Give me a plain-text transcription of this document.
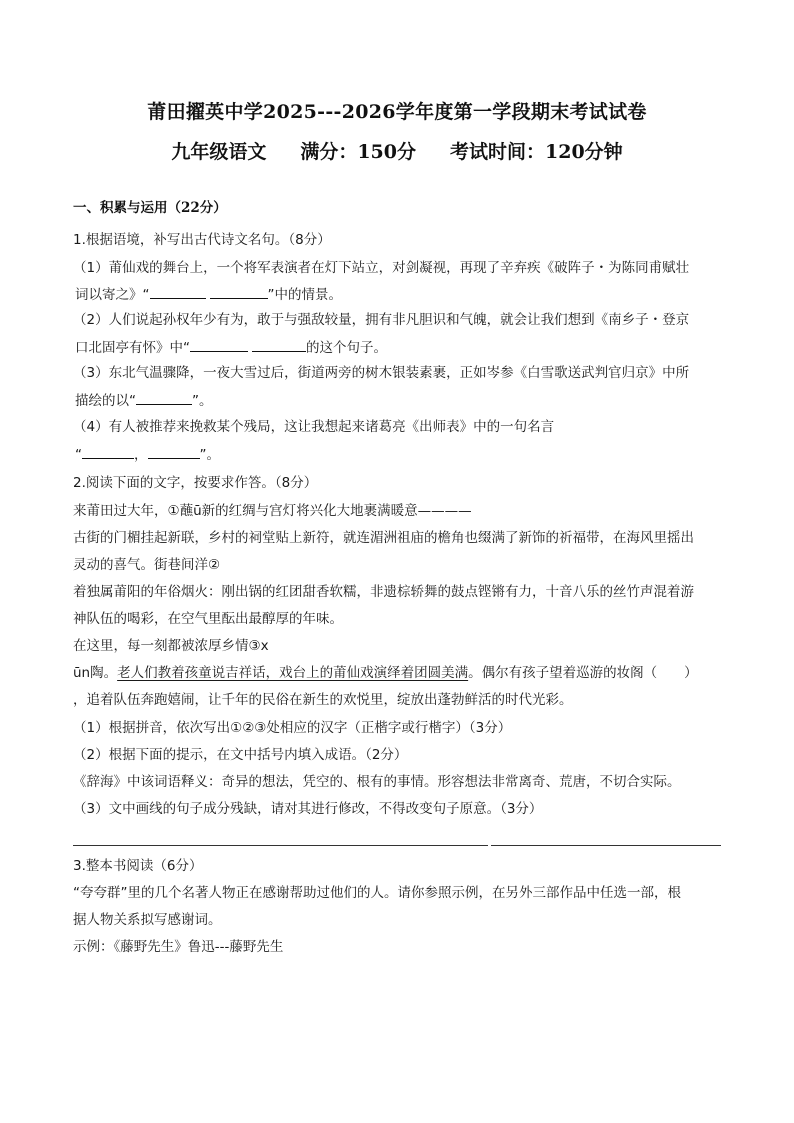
莆田擢英中学2025---2026学年度第一学段期末考试试卷
九年级语文 满分：150分 考试时间：120分钟
一、积累与运用（22分）
1.根据语境，补写出古代诗文名句。（8分）
（1）莆仙戏的舞台上，一个将军表演者在灯下站立，对剑凝视，再现了辛弃疾《破阵子・为陈同甫赋壮
词以寄之》“	”中的情景。
（2）人们说起孙权年少有为，敢于与强敌较量，拥有非凡胆识和气魄，就会让我们想到《南乡子・登京
口北固亭有怀》中“	的这个句子。
（3）东北气温骤降，一夜大雪过后，街道两旁的树木银装素裹，正如岑参《白雪歌送武判官归京》中所
描绘的以“	”。
（4）有人被推荐来挽救某个残局，这让我想起来诸葛亮《出师表》中的一句名言
“	，	”。
2.阅读下面的文字，按要求作答。（8分）
来莆田过大年，①蘸ū新的红绸与宫灯将兴化大地裹满暖意————
古街的门楣挂起新联，乡村的祠堂贴上新符，就连湄洲祖庙的檐角也缀满了新饰的祈福带，在海风里摇出
灵动的喜气。街巷间洋②
着独属莆阳的年俗烟火：刚出锅的红团甜香软糯，非遗棕轿舞的鼓点铿锵有力，十音八乐的丝竹声混着游
神队伍的喝彩，在空气里酝出最醇厚的年味。
在这里，每一刻都被浓厚乡情③x
ūn陶。老人们教着孩童说吉祥话，戏台上的莆仙戏演绎着团圆美满。偶尔有孩子望着巡游的妆阁（　　）
，追着队伍奔跑嬉闹，让千年的民俗在新生的欢悦里，绽放出蓬勃鲜活的时代光彩。
（1）根据拼音，依次写出①②③处相应的汉字（正楷字或行楷字）（3分）
（2）根据下面的提示，在文中括号内填入成语。（2分）
《辞海》中该词语释义：奇异的想法，凭空的、根有的事情。形容想法非常离奇、荒唐，不切合实际。
（3）文中画线的句子成分残缺，请对其进行修改，不得改变句子原意。（3分）
3.整本书阅读（6分）
“夸夸群”里的几个名著人物正在感谢帮助过他们的人。请你参照示例，在另外三部作品中任选一部，根
据人物关系拟写感谢词。
示例：《藤野先生》鲁迅---藤野先生
